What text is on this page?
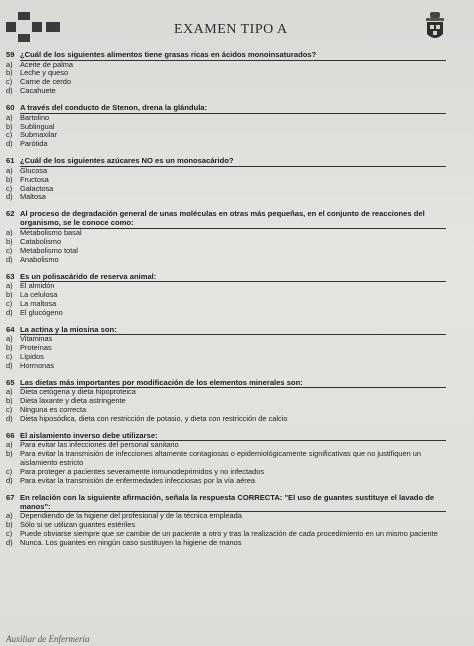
EXAMEN TIPO A
59 ¿Cuál de los siguientes alimentos tiene grasas ricas en ácidos monoinsaturados?
a)	Aceite de palma
b)	Leche y queso
c)	Carne de cerdo
d)	Cacahuete
60 A través del conducto de Stenon, drena la glándula:
a)	Bartolino
b)	Sublingual
c)	Submaxilar
d)	Parótida
61 ¿Cuál de los siguientes azúcares NO es un monosacárido?
a)	Glucosa
b)	Fructosa
c)	Galactosa
d)	Maltosa
62 Al proceso de degradación general de unas moléculas en otras más pequeñas, en el conjunto de reacciones del organismo, se le conoce como:
a)	Metabolismo basal
b)	Catabolismo
c)	Metabolismo total
d)	Anabolismo
63 Es un polisacárido de reserva animal:
a)	El almidón
b)	La celulosa
c)	La maltosa
d)	El glucógeno
64 La actina y la miosina son:
a)	Vitaminas
b)	Proteínas
c)	Lípidos
d)	Hormonas
65 Las dietas más importantes por modificación de los elementos minerales son:
a)	Dieta cetógena y dieta hipoproteica
b)	Dieta laxante y dieta astringente
c)	Ninguna es correcta
d)	Dieta hiposódica, dieta con restricción de potasio, y dieta con restricción de calcio
66 El aislamiento inverso debe utilizarse:
a)	Para evitar las infecciones del personal sanitario
b)	Para evitar la transmisión de infecciones altamente contagiosas o epidemiológicamente significativas que no justifiquen un aislamiento estricto
c)	Para proteger a pacientes severamente inmunodeprimidos y no infectados
d)	Para evitar la transmisión de enfermedades infecciosas por la vía aérea
67 En relación con la siguiente afirmación, señala la respuesta CORRECTA: "El uso de guantes sustituye el lavado de manos":
a)	Dependiendo de la higiene del profesional y de la técnica empleada
b)	Sólo si se utilizan guantes estériles
c)	Puede obviarse siempre que se cambie de un paciente a otro y tras la realización de cada procedimiento en un mismo paciente
d)	Nunca. Los guantes en ningún caso sustituyen la higiene de manos
Auxiliar de Enfermería
